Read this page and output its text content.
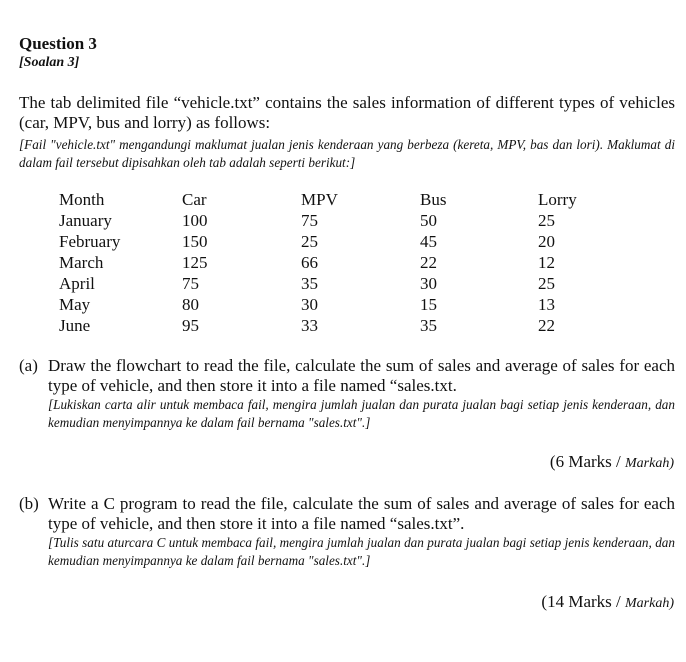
Question 3
[Soalan 3]
The tab delimited file “vehicle.txt” contains the sales information of different types of vehicles (car, MPV, bus and lorry) as follows:
[Fail "vehicle.txt" mengandungi maklumat jualan jenis kenderaan yang berbeza (kereta, MPV, bas dan lori). Maklumat di dalam fail tersebut dipisahkan oleh tab adalah seperti berikut:]
Month	Car	MPV	Bus	Lorry
January	100	75	50	25
February	150	25	45	20
March	125	66	22	12
April	75	35	30	25
May	80	30	15	13
June	95	33	35	22
(a) Draw the flowchart to read the file, calculate the sum of sales and average of sales for each type of vehicle, and then store it into a file named “sales.txt.
[Lukiskan carta alir untuk membaca fail, mengira jumlah jualan dan purata jualan bagi setiap jenis kenderaan, dan kemudian menyimpannya ke dalam fail bernama "sales.txt".]
(6 Marks / Markah)
(b) Write a C program to read the file, calculate the sum of sales and average of sales for each type of vehicle, and then store it into a file named “sales.txt”.
[Tulis satu aturcara C untuk membaca fail, mengira jumlah jualan dan purata jualan bagi setiap jenis kenderaan, dan kemudian menyimpannya ke dalam fail bernama "sales.txt".]
(14 Marks / Markah)
